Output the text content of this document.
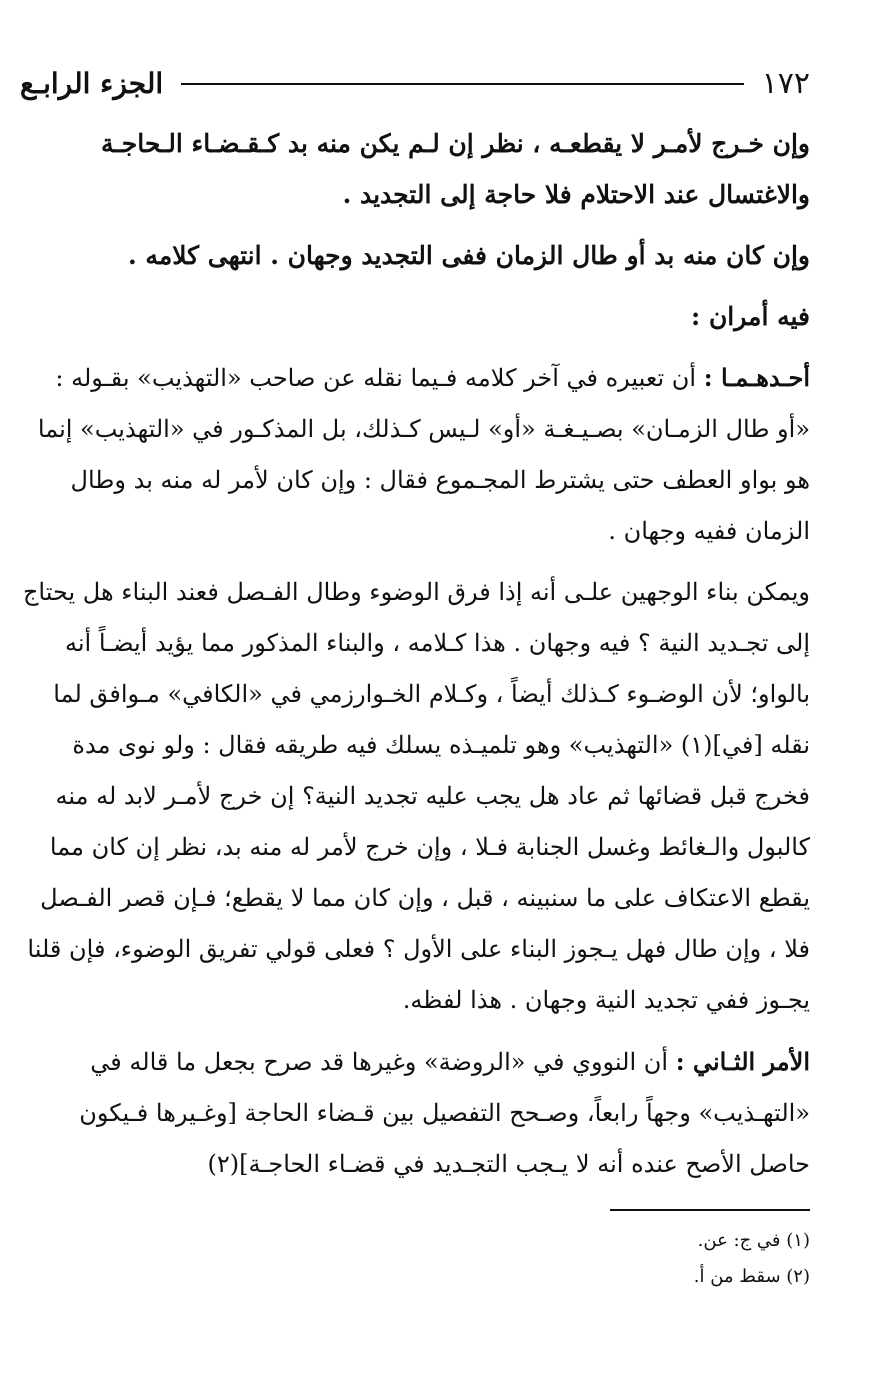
١٧٢
الجزء الرابـع

وإن خـرج لأمـر لا يقطعـه ، نظر إن لـم يكن منه بد كـقـضـاء الـحاجـة والاغتسال عند الاحتلام فلا حاجة إلى التجديد .

وإن كان منه بد أو طال الزمان ففى التجديد وجهان . انتهى كلامه .

فيه أمران :

أحـدهـمـا : أن تعبيره في آخر كلامه فـيما نقله عن صاحب «التهذيب» بقـوله : «أو طال الزمـان» بصـيـغـة «أو» لـيس كـذلك، بل المذكـور في «التهذيب» إنما هو بواو العطف حتى يشترط المجـموع فقال : وإن كان لأمر له منه بد وطال الزمان ففيه وجهان .
ويمكن بناء الوجهين علـى أنه إذا فرق الوضوء وطال الفـصل فعند البناء هل يحتاج إلى تجـديد النية ؟ فيه وجهان . هذا كـلامه ، والبناء المذكور مما يؤيد أيضـاً أنه بالواو؛ لأن الوضـوء كـذلك أيضاً ، وكـلام الخـوارزمي في «الكافي» مـوافق لما نقله [في](١) «التهذيب» وهو تلميـذه يسلك فيه طريقه فقال : ولو نوى مدة فخرج قبل قضائها ثم عاد هل يجب عليه تجديد النية؟ إن خرج لأمـر لابد له منه كالبول والـغائط وغسل الجنابة فـلا ، وإن خرج لأمر له منه بد، نظر إن كان مما يقطع الاعتكاف على ما سنبينه ، قبل ، وإن كان مما لا يقطع؛ فـإن قصر الفـصل فلا ، وإن طال فهل يـجوز البناء على الأول ؟ فعلى قولي تفريق الوضوء، فإن قلنا يجـوز ففي تجديد النية وجهان . هذا لفظه.
الأمر الثـاني : أن النووي في «الروضة» وغيرها قد صرح بجعل ما قاله في «التهـذيب» وجهاً رابعاً، وصـحح التفصيل بين قـضاء الحاجة [وغـيرها فـيكون حاصل الأصح عنده أنه لا يـجب التجـديد في قضـاء الحاجـة](٢)

(١) في ج: عن.

(٢) سقط من أ.
